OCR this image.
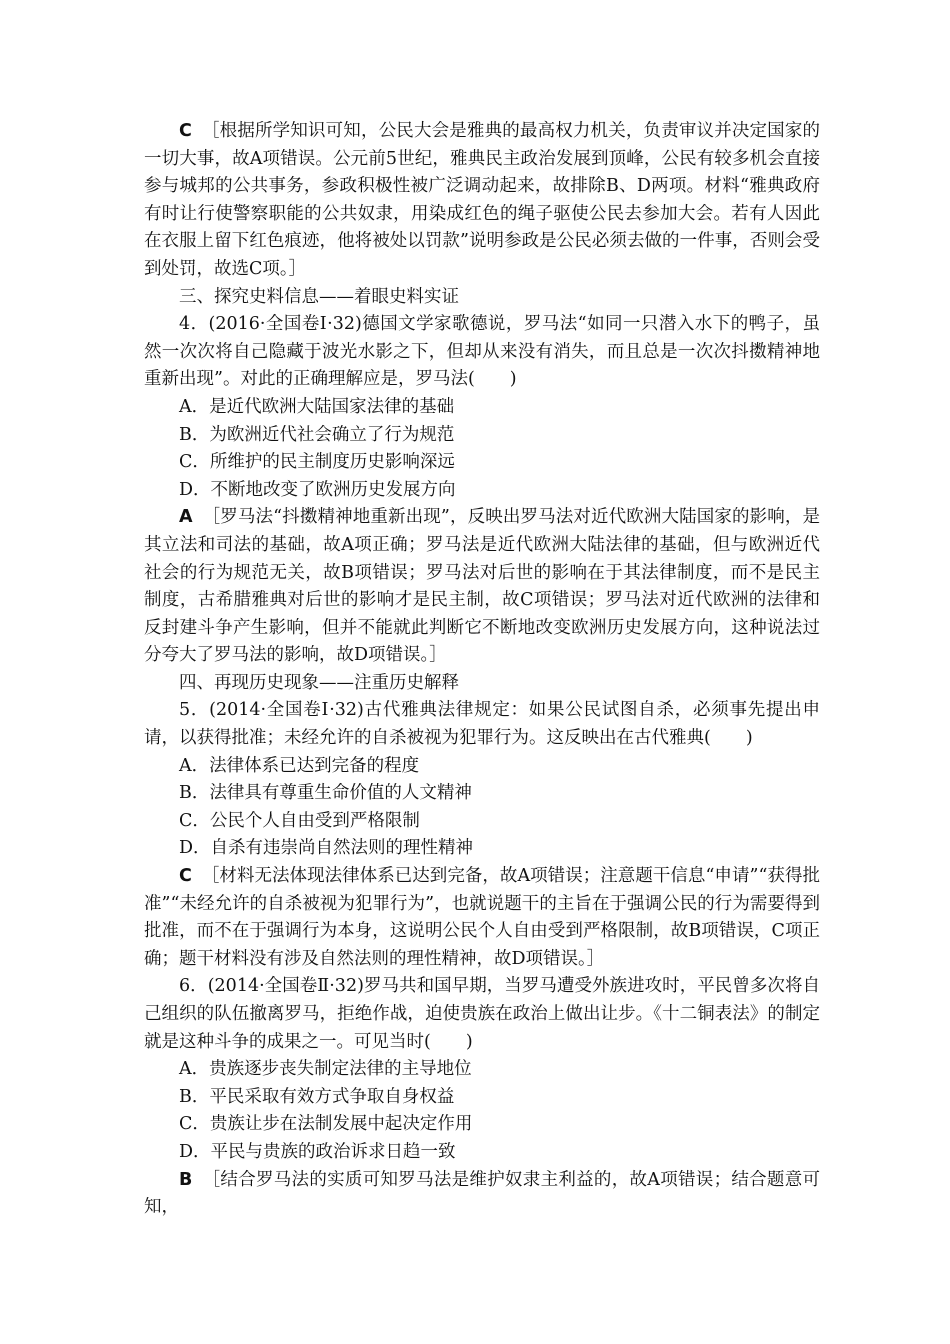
C ［根据所学知识可知，公民大会是雅典的最高权力机关，负责审议并决定国家的一切大事，故A项错误。公元前5世纪，雅典民主政治发展到顶峰，公民有较多机会直接参与城邦的公共事务，参政积极性被广泛调动起来，故排除B、D两项。材料“雅典政府有时让行使警察职能的公共奴隶，用染成红色的绳子驱使公民去参加大会。若有人因此在衣服上留下红色痕迹，他将被处以罚款”说明参政是公民必须去做的一件事，否则会受到处罚，故选C项。］

三、探究史料信息——着眼史料实证

4．(2016·全国卷Ⅰ·32)德国文学家歌德说，罗马法“如同一只潜入水下的鸭子，虽然一次次将自己隐藏于波光水影之下，但却从来没有消失，而且总是一次次抖擞精神地重新出现”。对此的正确理解应是，罗马法(　　)

A．是近代欧洲大陆国家法律的基础

B．为欧洲近代社会确立了行为规范

C．所维护的民主制度历史影响深远

D．不断地改变了欧洲历史发展方向

A ［罗马法“抖擞精神地重新出现”，反映出罗马法对近代欧洲大陆国家的影响，是其立法和司法的基础，故A项正确；罗马法是近代欧洲大陆法律的基础，但与欧洲近代社会的行为规范无关，故B项错误；罗马法对后世的影响在于其法律制度，而不是民主制度，古希腊雅典对后世的影响才是民主制，故C项错误；罗马法对近代欧洲的法律和反封建斗争产生影响，但并不能就此判断它不断地改变欧洲历史发展方向，这种说法过分夸大了罗马法的影响，故D项错误。］

四、再现历史现象——注重历史解释

5．(2014·全国卷Ⅰ·32)古代雅典法律规定：如果公民试图自杀，必须事先提出申请，以获得批准；未经允许的自杀被视为犯罪行为。这反映出在古代雅典(　　)

A．法律体系已达到完备的程度

B．法律具有尊重生命价值的人文精神

C．公民个人自由受到严格限制

D．自杀有违崇尚自然法则的理性精神

C ［材料无法体现法律体系已达到完备，故A项错误；注意题干信息“申请”“获得批准”“未经允许的自杀被视为犯罪行为”，也就说题干的主旨在于强调公民的行为需要得到批准，而不在于强调行为本身，这说明公民个人自由受到严格限制，故B项错误，C项正确；题干材料没有涉及自然法则的理性精神，故D项错误。］

6．(2014·全国卷Ⅱ·32)罗马共和国早期，当罗马遭受外族进攻时，平民曾多次将自己组织的队伍撤离罗马，拒绝作战，迫使贵族在政治上做出让步。《十二铜表法》的制定就是这种斗争的成果之一。可见当时(　　)

A．贵族逐步丧失制定法律的主导地位

B．平民采取有效方式争取自身权益

C．贵族让步在法制发展中起决定作用

D．平民与贵族的政治诉求日趋一致

B ［结合罗马法的实质可知罗马法是维护奴隶主利益的，故A项错误；结合题意可知，
